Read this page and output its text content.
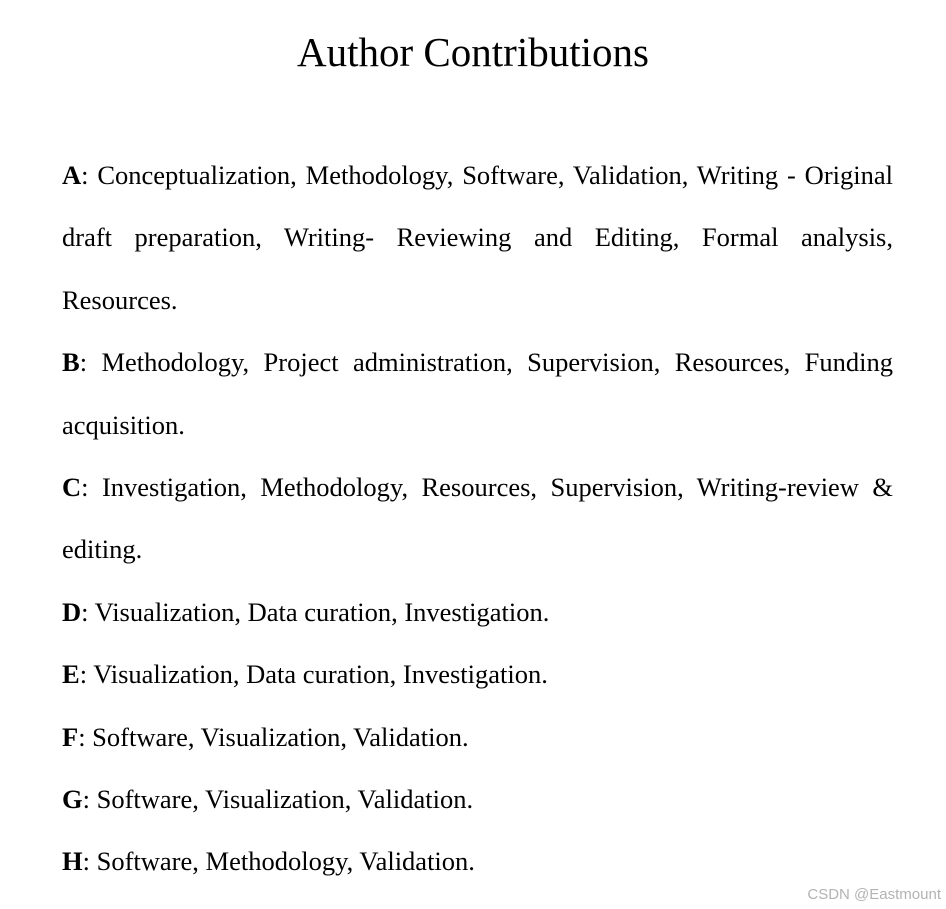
Author Contributions

A: Conceptualization, Methodology, Software, Validation, Writing - Original draft preparation, Writing- Reviewing and Editing, Formal analysis, Resources.

B: Methodology, Project administration, Supervision, Resources, Funding acquisition.

C: Investigation, Methodology, Resources, Supervision, Writing-review & editing.

D: Visualization, Data curation, Investigation.

E: Visualization, Data curation, Investigation.

F: Software, Visualization, Validation.

G: Software, Visualization, Validation.

H: Software, Methodology, Validation.

CSDN @Eastmount
